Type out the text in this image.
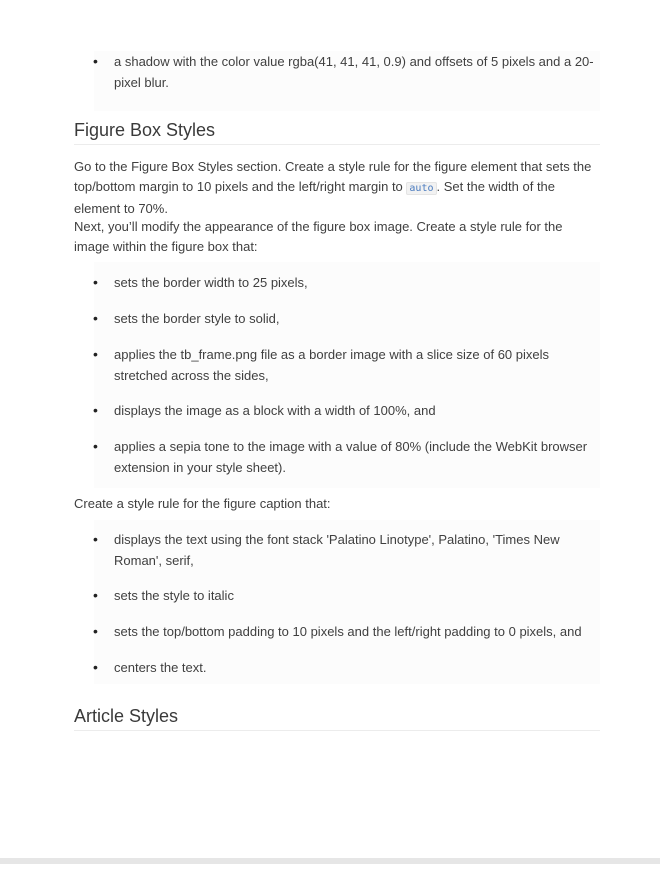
• a shadow with the color value rgba(41, 41, 41, 0.9) and offsets of 5 pixels and a 20-pixel blur.
Figure Box Styles

Go to the Figure Box Styles section. Create a style rule for the figure element that sets the top/bottom margin to 10 pixels and the left/right margin to auto . Set the width of the element to 70%.

Next, you’ll modify the appearance of the figure box image. Create a style rule for the image within the figure box that:

• sets the border width to 25 pixels,
• sets the border style to solid,
• applies the tb_frame.png file as a border image with a slice size of 60 pixels stretched across the sides,
• displays the image as a block with a width of 100%, and
• applies a sepia tone to the image with a value of 80% (include the WebKit browser extension in your style sheet).

Create a style rule for the figure caption that:

• displays the text using the font stack 'Palatino Linotype', Palatino, 'Times New Roman', serif,
• sets the style to italic
• sets the top/bottom padding to 10 pixels and the left/right padding to 0 pixels, and
• centers the text.
Article Styles
